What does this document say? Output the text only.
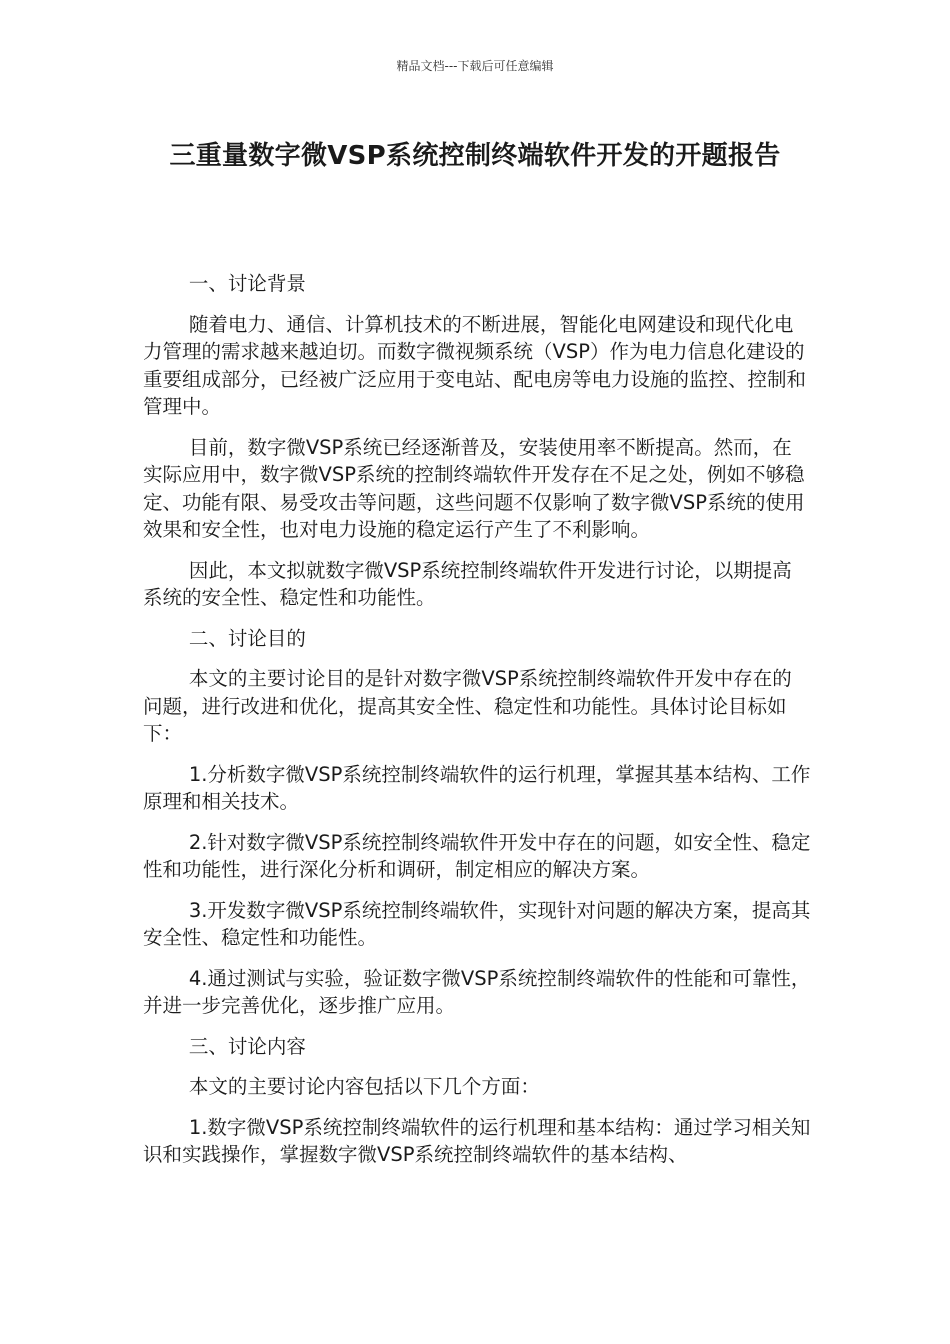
精品文档---下载后可任意编辑
三重量数字微VSP系统控制终端软件开发的开题报告

一、讨论背景

随着电力、通信、计算机技术的不断进展，智能化电网建设和现代化电力管理的需求越来越迫切。而数字微视频系统（VSP）作为电力信息化建设的重要组成部分，已经被广泛应用于变电站、配电房等电力设施的监控、控制和管理中。

目前，数字微VSP系统已经逐渐普及，安装使用率不断提高。然而，在实际应用中，数字微VSP系统的控制终端软件开发存在不足之处，例如不够稳定、功能有限、易受攻击等问题，这些问题不仅影响了数字微VSP系统的使用效果和安全性，也对电力设施的稳定运行产生了不利影响。

因此，本文拟就数字微VSP系统控制终端软件开发进行讨论，以期提高系统的安全性、稳定性和功能性。

二、讨论目的

本文的主要讨论目的是针对数字微VSP系统控制终端软件开发中存在的问题，进行改进和优化，提高其安全性、稳定性和功能性。具体讨论目标如下：

1.分析数字微VSP系统控制终端软件的运行机理，掌握其基本结构、工作原理和相关技术。

2.针对数字微VSP系统控制终端软件开发中存在的问题，如安全性、稳定性和功能性，进行深化分析和调研，制定相应的解决方案。

3.开发数字微VSP系统控制终端软件，实现针对问题的解决方案，提高其安全性、稳定性和功能性。

4.通过测试与实验，验证数字微VSP系统控制终端软件的性能和可靠性，并进一步完善优化，逐步推广应用。

三、讨论内容

本文的主要讨论内容包括以下几个方面：

1.数字微VSP系统控制终端软件的运行机理和基本结构：通过学习相关知识和实践操作，掌握数字微VSP系统控制终端软件的基本结构、
